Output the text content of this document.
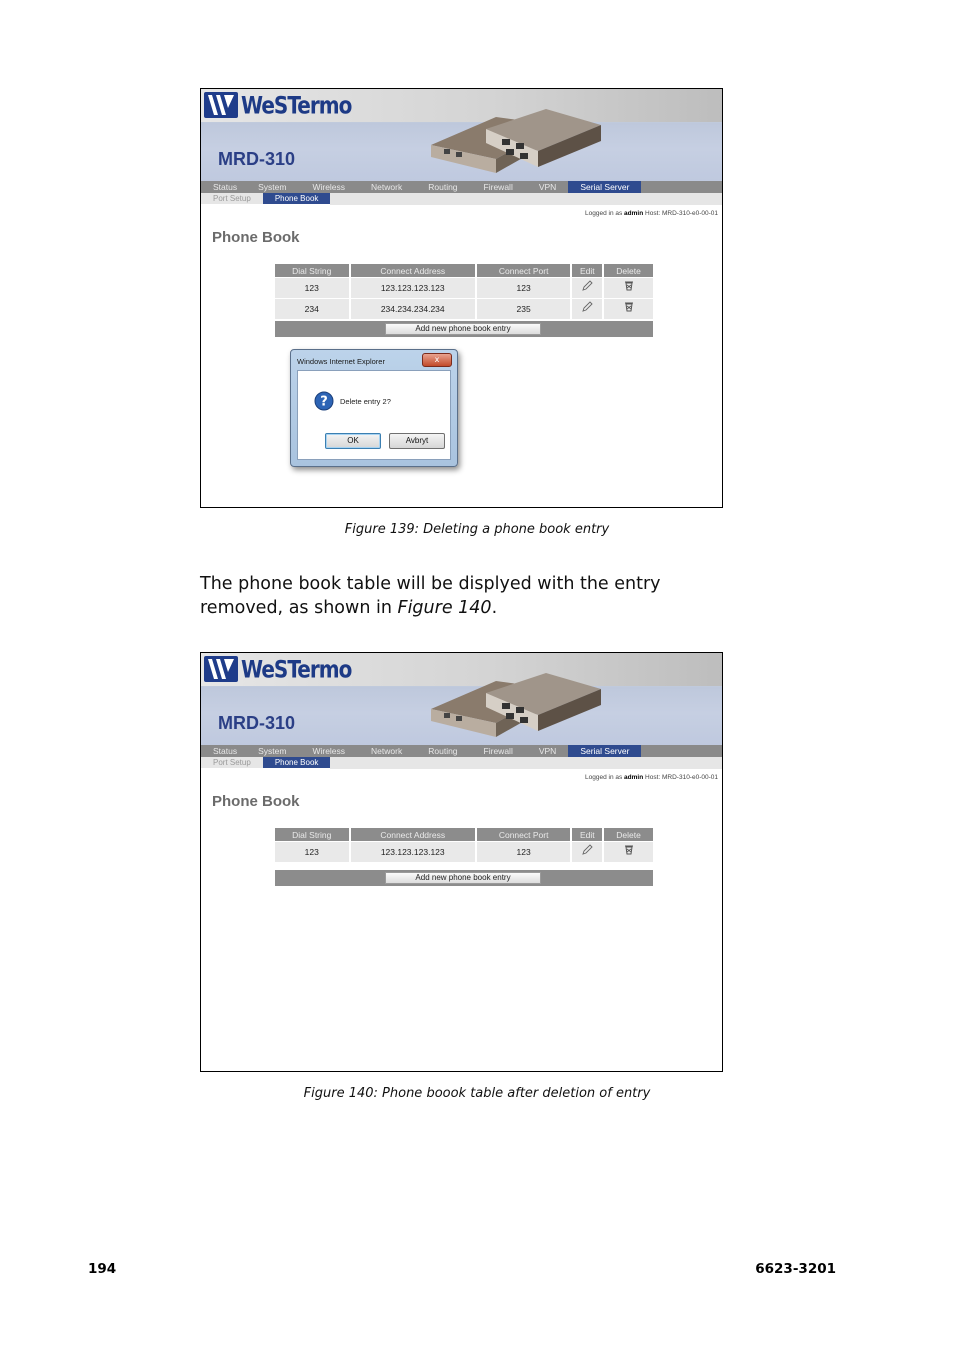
WeSTermo
MRD-310
Status	System	Wireless	Network	Routing	Firewall	VPN	Serial Server
Port Setup	Phone Book
Logged in as admin Host: MRD-310-e0-00-01
Phone Book
Dial String	Connect Address	Connect Port	Edit	Delete
123	123.123.123.123	123	

234	234.234.234.234	235	

Add new phone book entry
Windows Internet Explorer	x
? Delete entry 2?
OK	Avbryt
Figure 139: Deleting a phone book entry
The phone book table will be displyed with the entry removed, as shown in Figure 140.
WeSTermo
MRD-310
Status	System	Wireless	Network	Routing	Firewall	VPN	Serial Server
Port Setup	Phone Book
Logged in as admin Host: MRD-310-e0-00-01
Phone Book
Dial String	Connect Address	Connect Port	Edit	Delete
123	123.123.123.123	123	

Add new phone book entry
Figure 140: Phone boook table after deletion of entry
194	6623-3201
